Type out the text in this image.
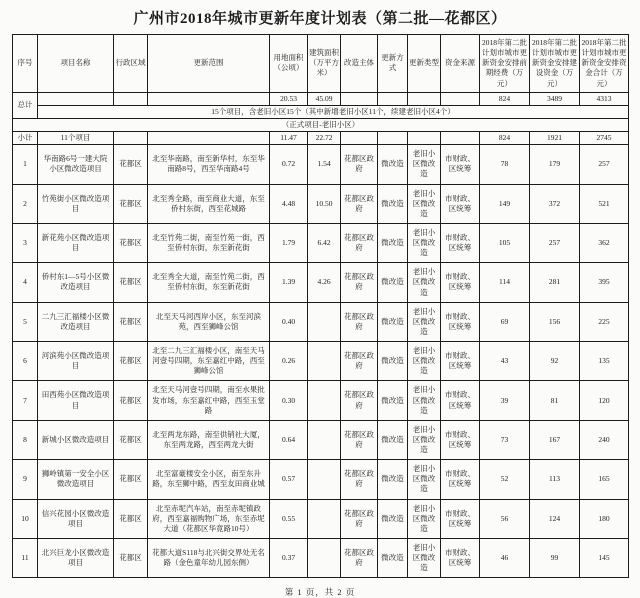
广州市2018年城市更新年度计划表（第二批—花都区）
序号	项目名称	行政区域	更新范围	用地面积（公顷）	建筑面积（万平方米）	改造主体	更新方式	更新类型	资金来源	2018年第二批计划市城市更新资金安排前期经费（万元）	2018年第二批计划市城市更新资金安排建设资金（万元）	2018年第二批计划市城市更新资金安排资金合计（万元）
总计				20.53	45.09					824	3489	4313
	15个项目，含老旧小区15个（其中新增老旧小区11个，续建老旧小区4个）											
（正式项目-老旧小区）												
小计	11个项目			11.47	22.72					824	1921	2745
1	华南路6号一建大院小区微改造项目	花都区	北至华南路，南至新华村，东至华南路8号，西至华南路4号	0.72	1.54	花都区政府	微改造	老旧小区微改造	市财政、区统筹	78	179	257
2	竹苑街小区微改造项目	花都区	北至秀全路，南至商业大道，东至侨村东街，西至花城路	4.48	10.50	花都区政府	微改造	老旧小区微改造	市财政、区统筹	149	372	521
3	新花苑小区微改造项目	花都区	北至竹苑二街，南至竹苑一街，西至侨村东街，东至新花街	1.79	6.42	花都区政府	微改造	老旧小区微改造	市财政、区统筹	105	257	362
4	侨村东1—5号小区微改造项目	花都区	北至秀全大道，南至竹苑二街，西至侨村东街，东至新花街	1.39	4.26	花都区政府	微改造	老旧小区微改造	市财政、区统筹	114	281	395
5	二九三汇福楼小区微改造项目	花都区	北至天马河西岸小区，东至河滨苑，西至狮峰公馆	0.40		花都区政府	微改造	老旧小区微改造	市财政、区统筹	69	156	225
6	河滨苑小区微改造项目	花都区	北至二九三汇福楼小区，南至天马河壹号四期，东至嘉红中路，西至狮峰公馆	0.26		花都区政府	微改造	老旧小区微改造	市财政、区统筹	43	92	135
7	田西苑小区微改造项目	花都区	北至天马河壹号四期，南至水果批发市场，东至嘉红中路，西至玉堂路	0.30		花都区政府	微改造	老旧小区微改造	市财政、区统筹	39	81	120
8	新城小区微改造项目	花都区	北至两龙东路，南至供销社大厦，东至两龙路，西至两龙大街	0.64		花都区政府	微改造	老旧小区微改造	市财政、区统筹	73	167	240
9	狮岭镇第一安全小区微改造项目	花都区	北至富豪楼安全小区，南至东升路，东至狮中路，西至友田商业城	0.57		花都区政府	微改造	老旧小区微改造	市财政、区统筹	52	113	165
10	信兴花园小区微改造项目	花都区	北至赤坭汽车站，南至赤坭镇政府，西至嘉福购物广场，东至赤坭大道（花都区华竟路10号）	0.55		花都区政府	微改造	老旧小区微改造	市财政、区统筹	56	124	180
11	北兴巨龙小区微改造项目	花都区	花都大道S118与北兴街交界处无名路（金色童年幼儿园东侧）	0.37		花都区政府	微改造	老旧小区微改造	市财政、区统筹	46	99	145
第 1 页，共 2 页
